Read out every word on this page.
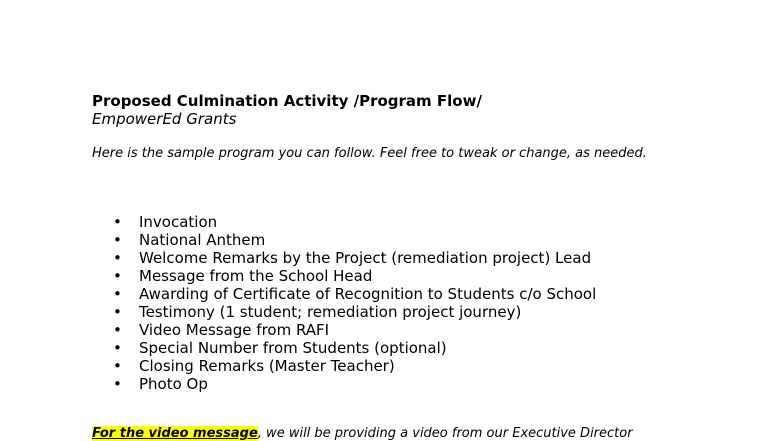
Proposed Culmination Activity /Program Flow/
EmpowerEd Grants
Here is the sample program you can follow. Feel free to tweak or change, as needed.
• Invocation
• National Anthem
• Welcome Remarks by the Project (remediation project) Lead
• Message from the School Head
• Awarding of Certificate of Recognition to Students c/o School
• Testimony (1 student; remediation project journey)
• Video Message from RAFI
• Special Number from Students (optional)
• Closing Remarks (Master Teacher)
• Photo Op
For the video message, we will be providing a video from our Executive Director
